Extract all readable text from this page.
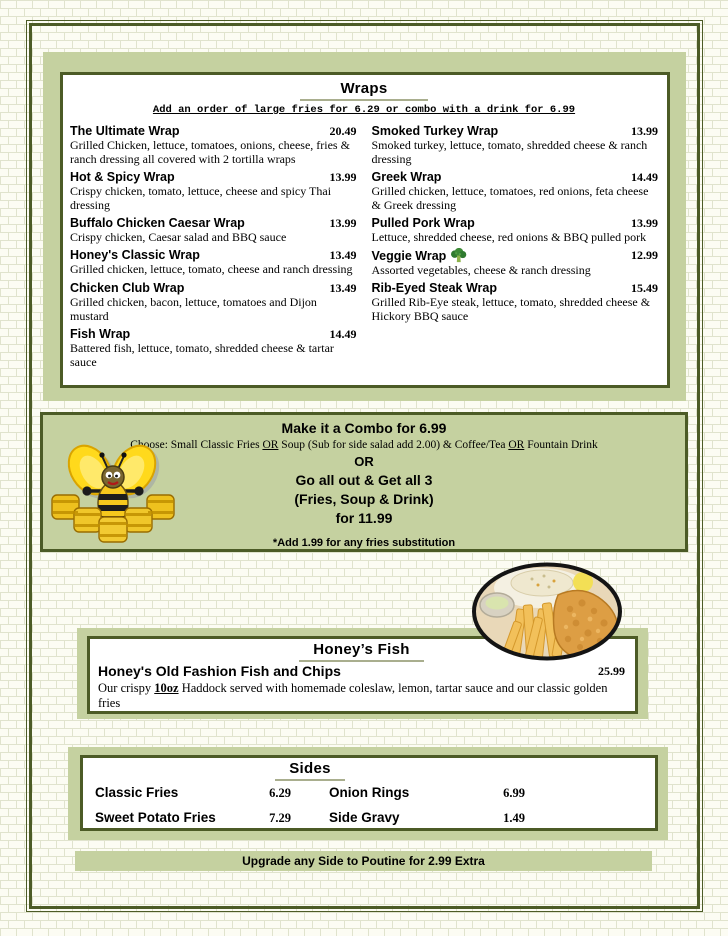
Wraps
Add an order of large fries for 6.29 or combo with a drink for 6.99
The Ultimate Wrap	20.49
Grilled Chicken, lettuce, tomatoes, onions, cheese, fries & ranch dressing all covered with 2 tortilla wraps
Hot & Spicy Wrap	13.99
Crispy chicken, tomato, lettuce, cheese and spicy Thai dressing
Buffalo Chicken Caesar Wrap	13.99
Crispy chicken, Caesar salad and BBQ sauce
Honey's Classic Wrap	13.49
Grilled chicken, lettuce, tomato, cheese and ranch dressing
Chicken Club Wrap	13.49
Grilled chicken, bacon, lettuce, tomatoes and Dijon mustard
Fish Wrap	14.49
Battered fish, lettuce, tomato, shredded cheese & tartar sauce
Smoked Turkey Wrap	13.99
Smoked turkey, lettuce, tomato, shredded cheese & ranch dressing
Greek Wrap	14.49
Grilled chicken, lettuce, tomatoes, red onions, feta cheese & Greek dressing
Pulled Pork Wrap	13.99
Lettuce, shredded cheese, red onions & BBQ pulled pork
Veggie Wrap	12.99
Assorted vegetables, cheese & ranch dressing
Rib-Eyed Steak Wrap	15.49
Grilled Rib-Eye steak, lettuce, tomato, shredded cheese & Hickory BBQ sauce
Make it a Combo for 6.99
Choose: Small Classic Fries OR Soup (Sub for side salad add 2.00) & Coffee/Tea OR Fountain Drink
OR
Go all out & Get all 3
(Fries, Soup & Drink)
for 11.99
*Add 1.99 for any fries substitution
Honey’s Fish
Honey's Old Fashion Fish and Chips	25.99
Our crispy 10oz Haddock served with homemade coleslaw, lemon, tartar sauce and our classic golden fries
Sides
Classic Fries	6.29	Onion Rings	6.99
Sweet Potato Fries	7.29	Side Gravy	1.49
Upgrade any Side to Poutine for 2.99 Extra
